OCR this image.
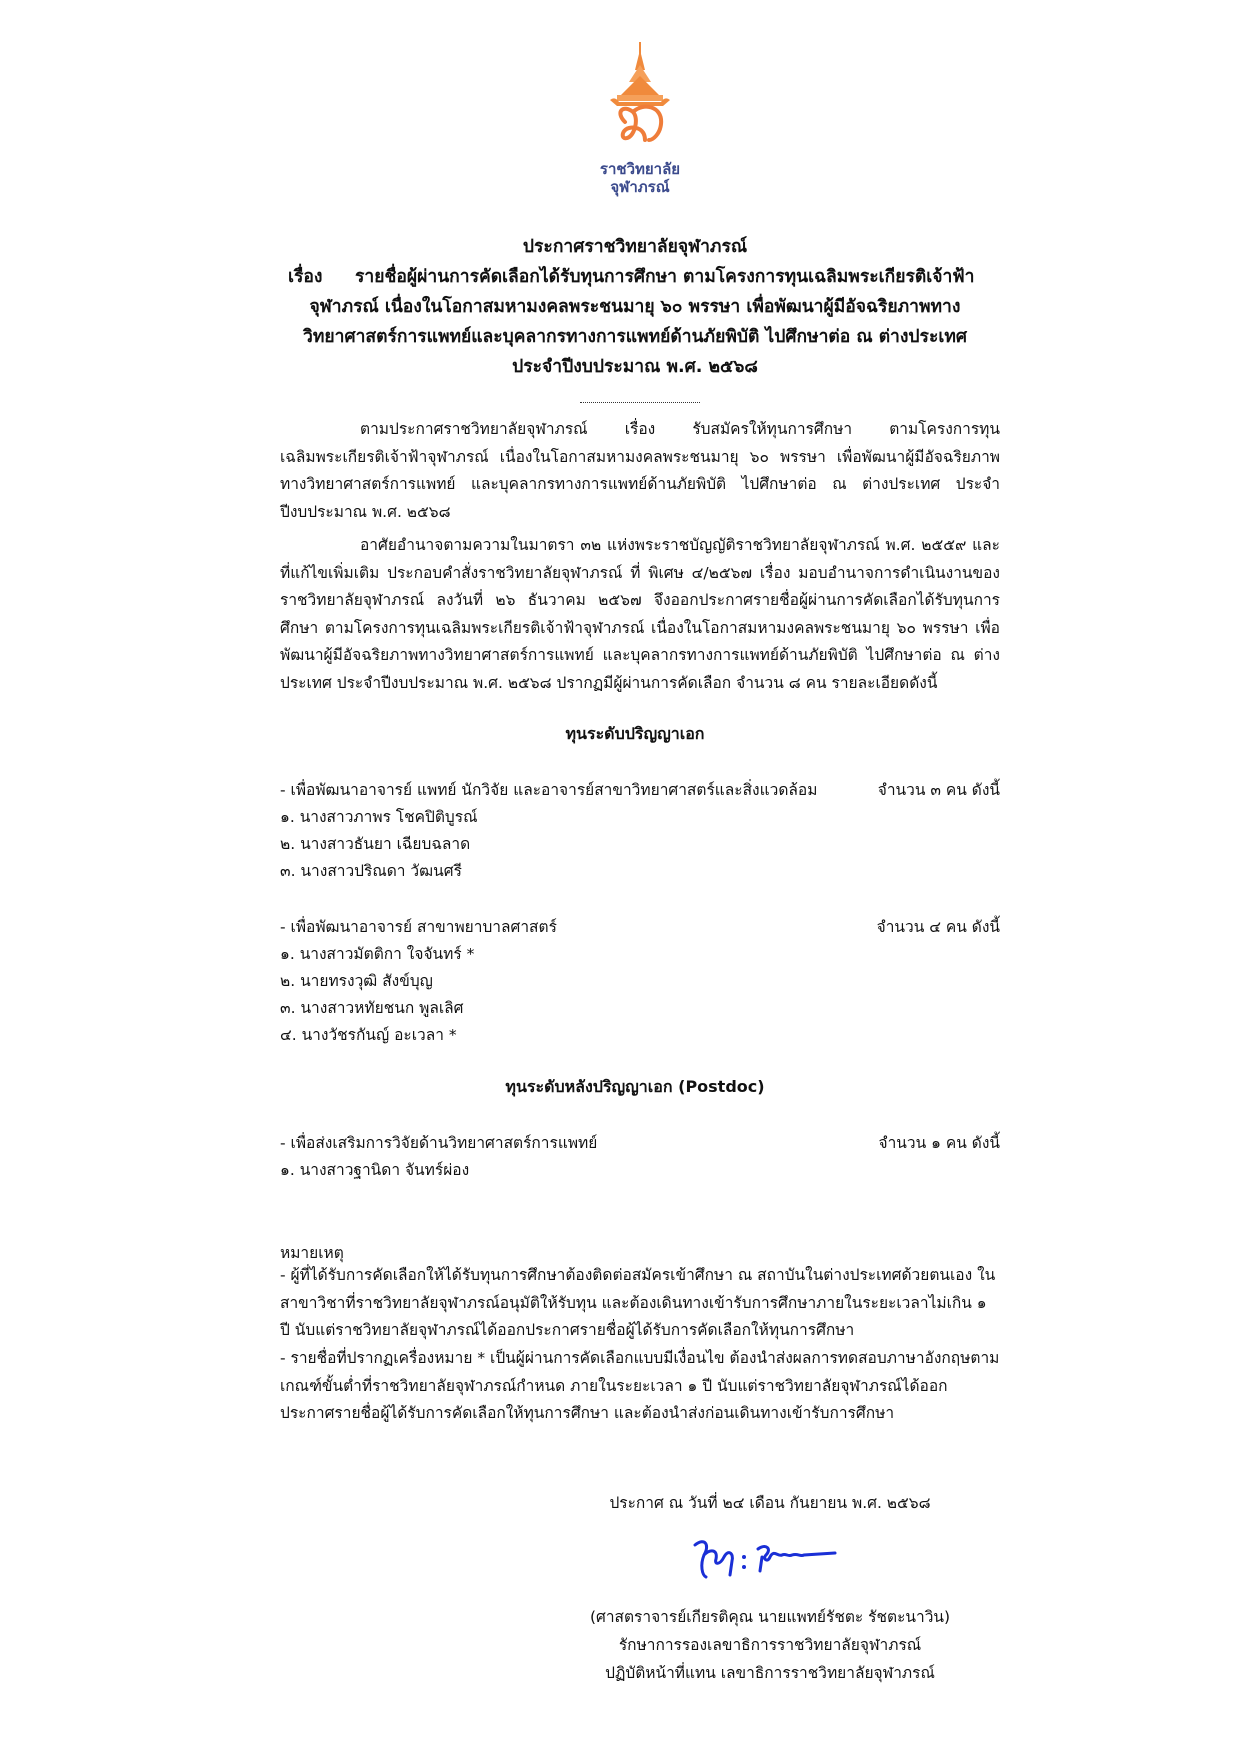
ราชวิทยาลัย
จุฬาภรณ์
ประกาศราชวิทยาลัยจุฬาภรณ์
เรื่อง รายชื่อผู้ผ่านการคัดเลือกได้รับทุนการศึกษา ตามโครงการทุนเฉลิมพระเกียรติเจ้าฟ้า
จุฬาภรณ์ เนื่องในโอกาสมหามงคลพระชนมายุ ๖๐ พรรษา เพื่อพัฒนาผู้มีอัจฉริยภาพทาง
วิทยาศาสตร์การแพทย์และบุคลากรทางการแพทย์ด้านภัยพิบัติ ไปศึกษาต่อ ณ ต่างประเทศ
ประจำปีงบประมาณ พ.ศ. ๒๕๖๘
ตามประกาศราชวิทยาลัยจุฬาภรณ์ เรื่อง รับสมัครให้ทุนการศึกษา ตามโครงการทุนเฉลิมพระเกียรติเจ้าฟ้าจุฬาภรณ์ เนื่องในโอกาสมหามงคลพระชนมายุ ๖๐ พรรษา เพื่อพัฒนาผู้มีอัจฉริยภาพทางวิทยาศาสตร์การแพทย์ และบุคลากรทางการแพทย์ด้านภัยพิบัติ ไปศึกษาต่อ ณ ต่างประเทศ ประจำปีงบประมาณ พ.ศ. ๒๕๖๘
อาศัยอำนาจตามความในมาตรา ๓๒ แห่งพระราชบัญญัติราชวิทยาลัยจุฬาภรณ์ พ.ศ. ๒๕๕๙ และที่แก้ไขเพิ่มเติม ประกอบคำสั่งราชวิทยาลัยจุฬาภรณ์ ที่ พิเศษ ๔/๒๕๖๗ เรื่อง มอบอำนาจการดำเนินงานของราชวิทยาลัยจุฬาภรณ์ ลงวันที่ ๒๖ ธันวาคม ๒๕๖๗ จึงออกประกาศรายชื่อผู้ผ่านการคัดเลือกได้รับทุนการศึกษา ตามโครงการทุนเฉลิมพระเกียรติเจ้าฟ้าจุฬาภรณ์ เนื่องในโอกาสมหามงคลพระชนมายุ ๖๐ พรรษา เพื่อพัฒนาผู้มีอัจฉริยภาพทางวิทยาศาสตร์การแพทย์ และบุคลากรทางการแพทย์ด้านภัยพิบัติ ไปศึกษาต่อ ณ ต่างประเทศ ประจำปีงบประมาณ พ.ศ. ๒๕๖๘ ปรากฏมีผู้ผ่านการคัดเลือก จำนวน ๘ คน รายละเอียดดังนี้
ทุนระดับปริญญาเอก
- เพื่อพัฒนาอาจารย์ แพทย์ นักวิจัย และอาจารย์สาขาวิทยาศาสตร์และสิ่งแวดล้อม	จำนวน ๓ คน ดังนี้
๑. นางสาวภาพร โชคปิติบูรณ์
๒. นางสาวธันยา เฉียบฉลาด
๓. นางสาวปริณดา วัฒนศรี
- เพื่อพัฒนาอาจารย์ สาขาพยาบาลศาสตร์	จำนวน ๔ คน ดังนี้
๑. นางสาวมัตติกา ใจจันทร์ *
๒. นายทรงวุฒิ สังข์บุญ
๓. นางสาวหทัยชนก พูลเลิศ
๔. นางวัชรกันญ์ อะเวลา *
ทุนระดับหลังปริญญาเอก (Postdoc)
- เพื่อส่งเสริมการวิจัยด้านวิทยาศาสตร์การแพทย์	จำนวน ๑ คน ดังนี้
๑. นางสาวฐานิดา จันทร์ผ่อง
หมายเหตุ
- ผู้ที่ได้รับการคัดเลือกให้ได้รับทุนการศึกษาต้องติดต่อสมัครเข้าศึกษา ณ สถาบันในต่างประเทศด้วยตนเอง ในสาขาวิชาที่ราชวิทยาลัยจุฬาภรณ์อนุมัติให้รับทุน และต้องเดินทางเข้ารับการศึกษาภายในระยะเวลาไม่เกิน ๑ ปี นับแต่ราชวิทยาลัยจุฬาภรณ์ได้ออกประกาศรายชื่อผู้ได้รับการคัดเลือกให้ทุนการศึกษา
- รายชื่อที่ปรากฏเครื่องหมาย * เป็นผู้ผ่านการคัดเลือกแบบมีเงื่อนไข ต้องนำส่งผลการทดสอบภาษาอังกฤษตามเกณฑ์ขั้นต่ำที่ราชวิทยาลัยจุฬาภรณ์กำหนด ภายในระยะเวลา ๑ ปี นับแต่ราชวิทยาลัยจุฬาภรณ์ได้ออกประกาศรายชื่อผู้ได้รับการคัดเลือกให้ทุนการศึกษา และต้องนำส่งก่อนเดินทางเข้ารับการศึกษา
ประกาศ ณ วันที่ ๒๔ เดือน กันยายน พ.ศ. ๒๕๖๘
(ศาสตราจารย์เกียรติคุณ นายแพทย์รัชตะ รัชตะนาวิน)
รักษาการรองเลขาธิการราชวิทยาลัยจุฬาภรณ์
ปฏิบัติหน้าที่แทน เลขาธิการราชวิทยาลัยจุฬาภรณ์
